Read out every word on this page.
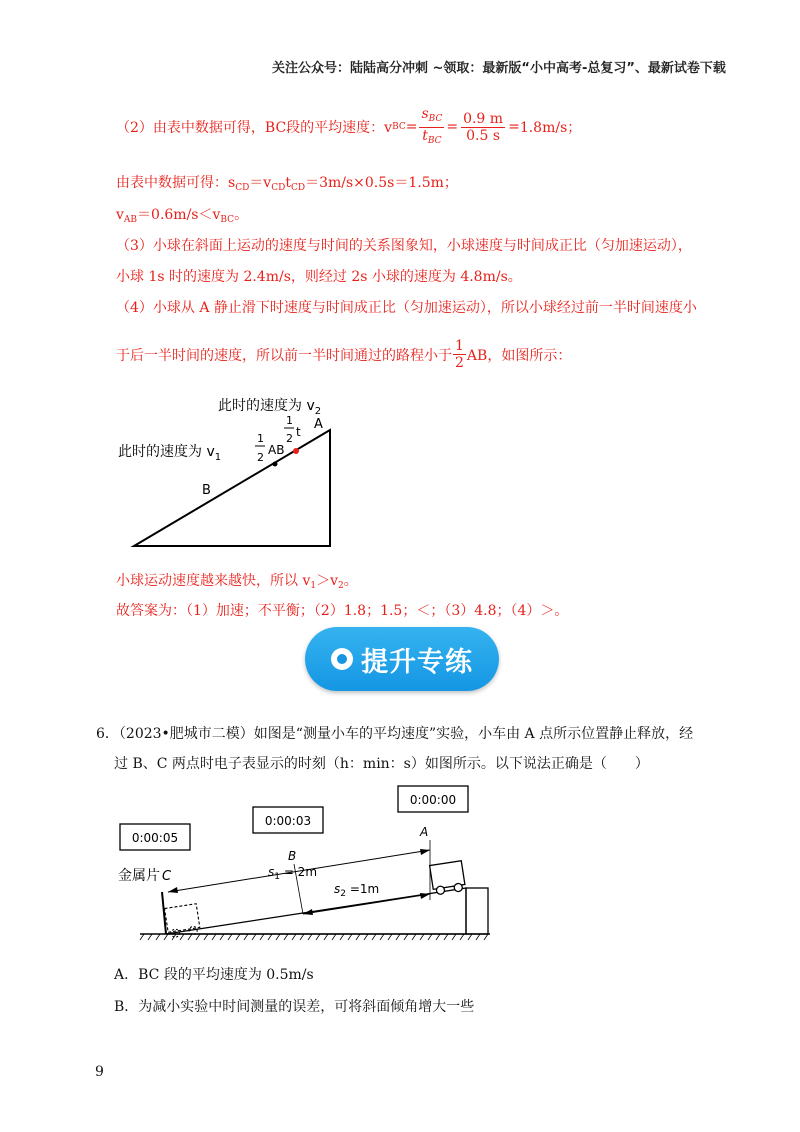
关注公众号：陆陆高分冲刺 ~领取：最新版“小中高考-总复习”、最新试卷下载
（2）由表中数据可得，BC段的平均速度：v BC = $\frac{s_{BC}}{t_{BC}} = \frac{0.9 m}{0.5 s} = 1.8m/s$；
由表中数据可得：$s_{CD}=v_{CD}t_{CD}=3m/s\times 0.5s=1.5m$；
$v_{AB}=0.6m/s<v_{BC}$。
（3）小球在斜面上运动的速度与时间的关系图象知，小球速度与时间成正比（匀加速运动），
小球 1s 时的速度为 2.4m/s，则经过 2s 小球的速度为 4.8m/s。
（4）小球从 A 静止滑下时速度与时间成正比（匀加速运动），所以小球经过前一半时间速度小
于后一半时间的速度，所以前一半时间通过的路程小于 $\frac{1}{2}$ AB，如图所示：
此时的速度为 $v_2$
此时的速度为 $v_1$
A
B
1
2
AB
1
2 t
小球运动速度越来越快，所以 $v_1>v_2$。
故答案为：（1）加速；不平衡；（2）1.8；1.5；＜；（3）4.8；（4）＞。
提升专练
6．（2023•肥城市二模）如图是“测量小车的平均速度”实验，小车由 A 点所示位置静止释放，经
过 B、C 两点时电子表显示的时刻（h：min：s）如图所示。以下说法正确是（　　）
0:00:00
0:00:03
0:00:05
金属片 C
B
A
$s_1 = 2m$
$s_2 =1m$
A．BC 段的平均速度为 0.5m/s
B．为减小实验中时间测量的误差，可将斜面倾角增大一些
9
